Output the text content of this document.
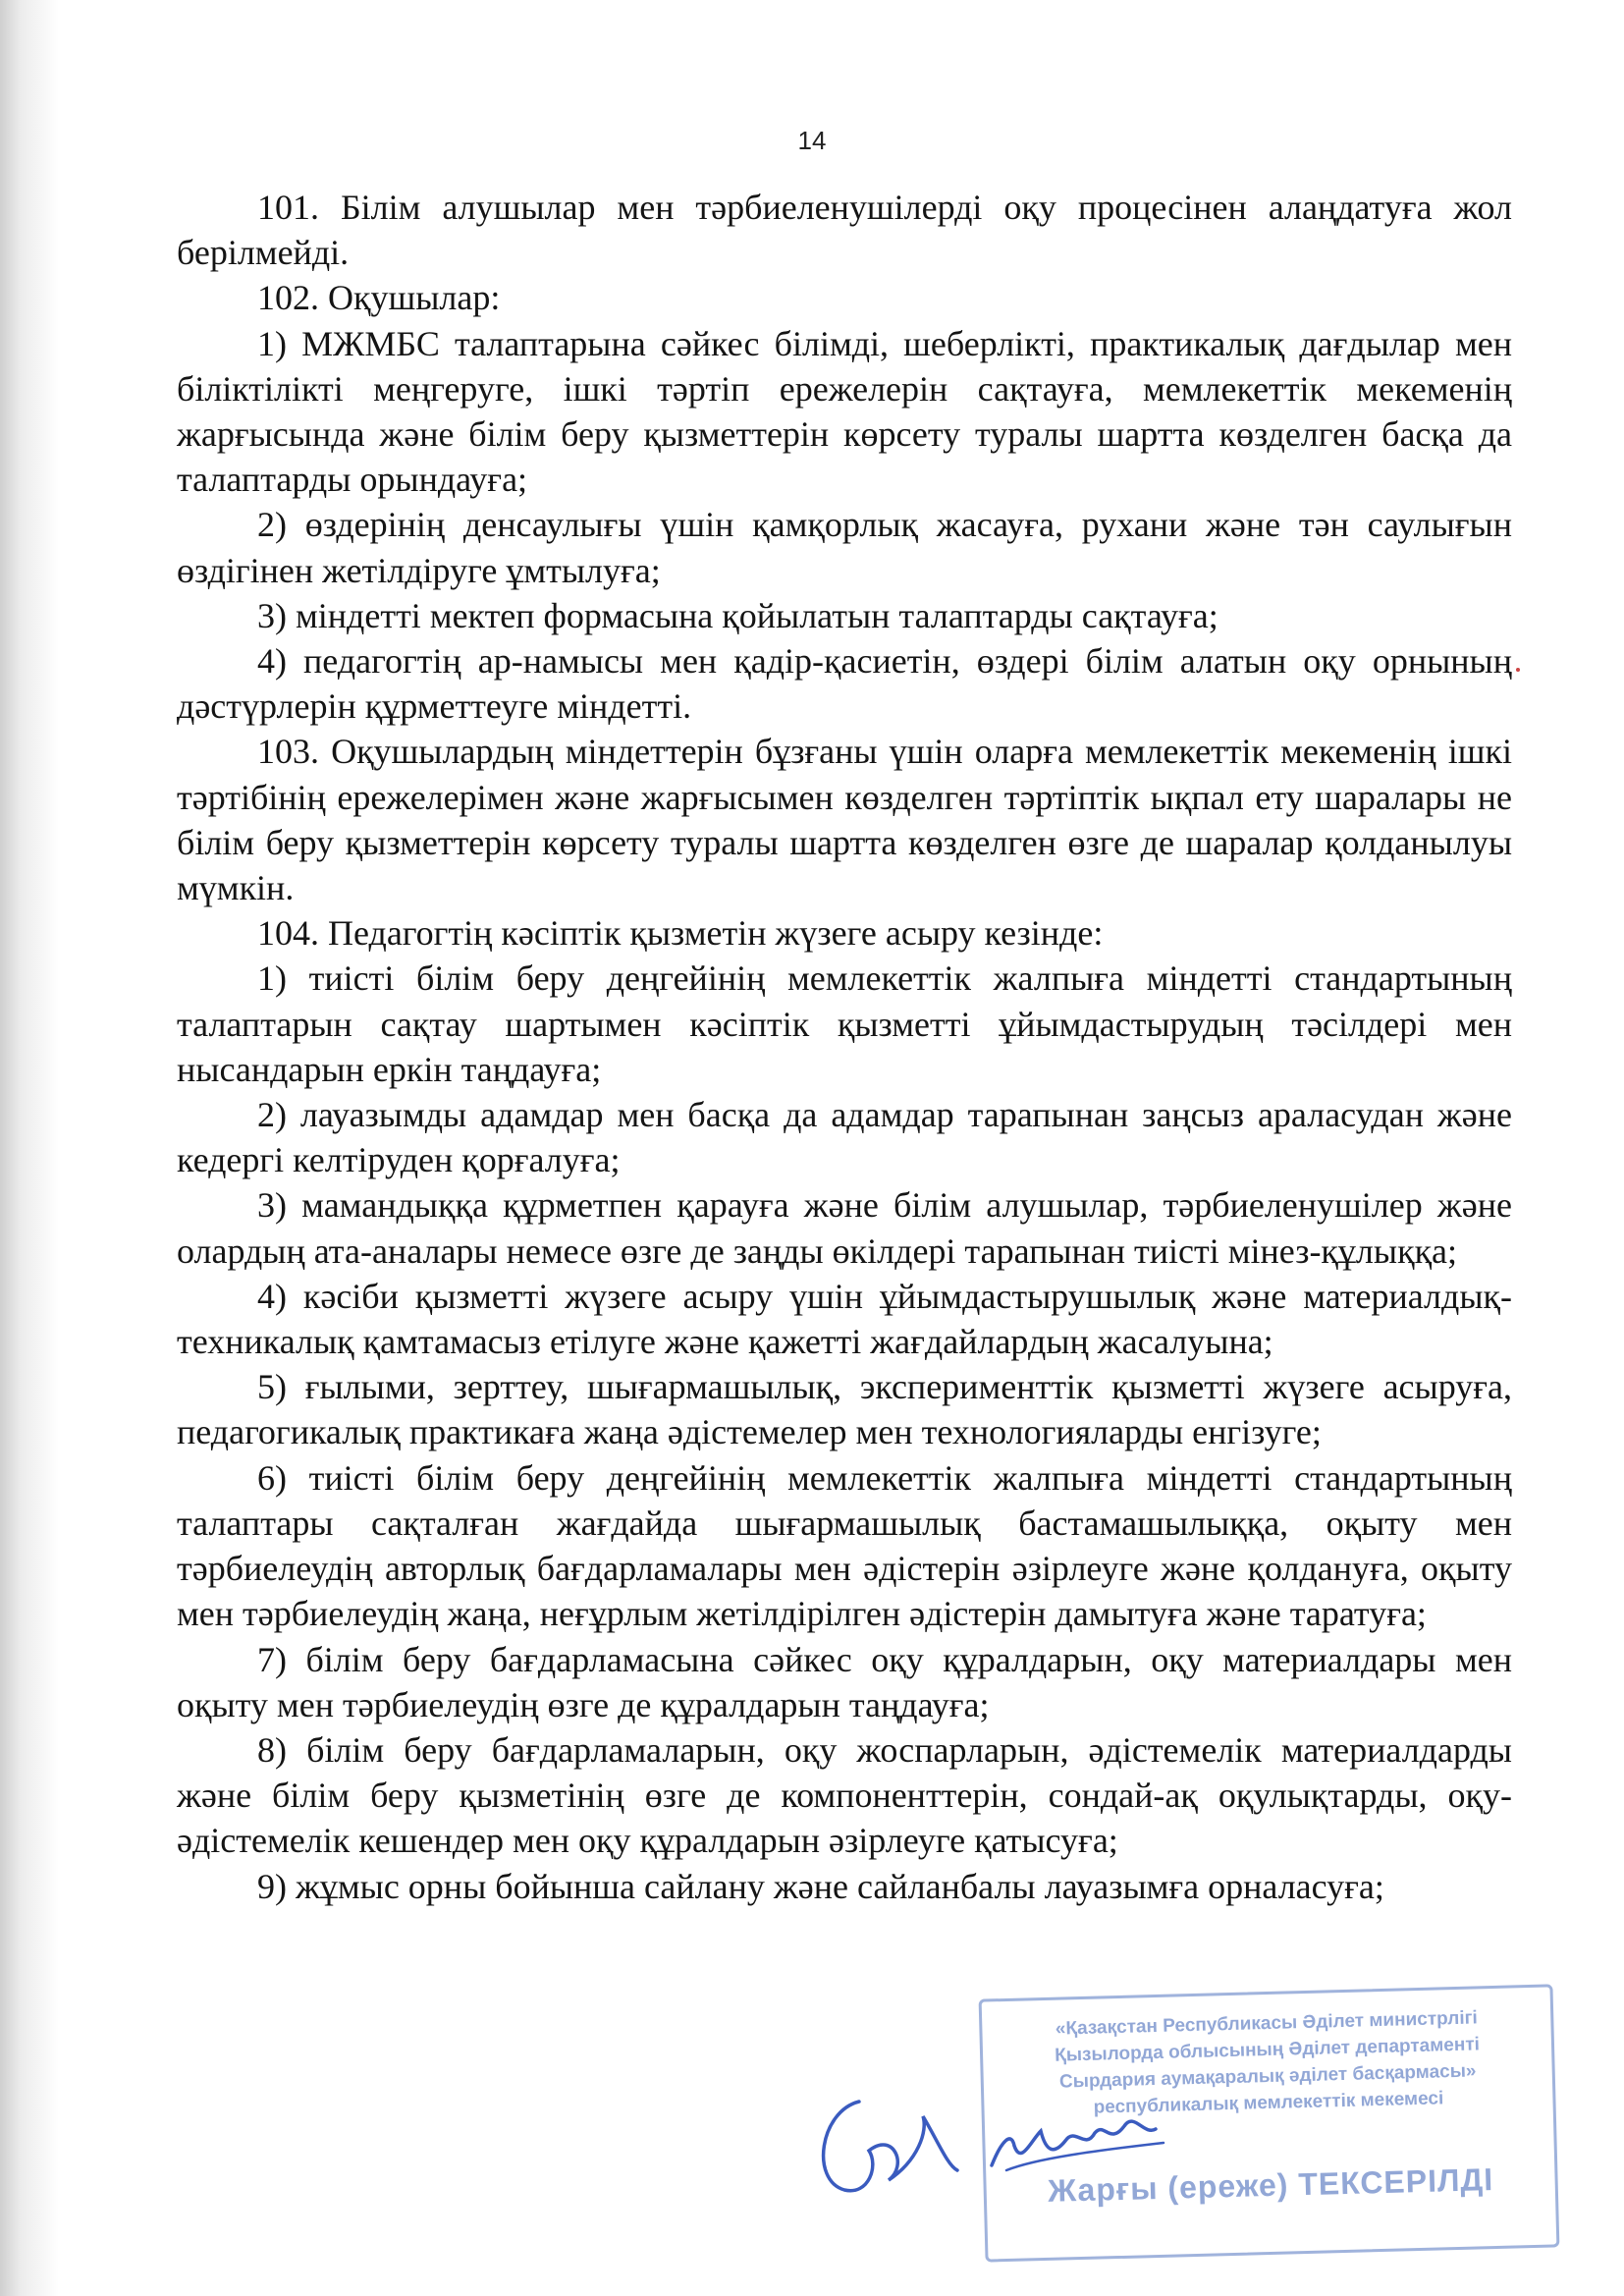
14

101. Білім алушылар мен тәрбиеленушілерді оқу процесінен алаңдатуға жол берілмейді.

102. Оқушылар:

1) МЖМБС талаптарына сәйкес білімді, шеберлікті, практикалық дағдылар мен біліктілікті меңгеруге, ішкі тәртіп ережелерін сақтауға, мемлекеттік мекеменің жарғысында және білім беру қызметтерін көрсету туралы шартта көзделген басқа да талаптарды орындауға;

2) өздерінің денсаулығы үшін қамқорлық жасауға, рухани және тән саулығын өздігінен жетілдіруге ұмтылуға;

3) міндетті мектеп формасына қойылатын талаптарды сақтауға;

4) педагогтің ар-намысы мен қадір-қасиетін, өздері білім алатын оқу орнының дәстүрлерін құрметтеуге міндетті.

103. Оқушылардың міндеттерін бұзғаны үшін оларға мемлекеттік мекеменің ішкі тәртібінің ережелерімен және жарғысымен көзделген тәртіптік ықпал ету шаралары не білім беру қызметтерін көрсету туралы шартта көзделген өзге де шаралар қолданылуы мүмкін.

104. Педагогтің кәсіптік қызметін жүзеге асыру кезінде:

1) тиісті білім беру деңгейінің мемлекеттік жалпыға міндетті стандартының талаптарын сақтау шартымен кәсіптік қызметті ұйымдастырудың тәсілдері мен нысандарын еркін таңдауға;

2) лауазымды адамдар мен басқа да адамдар тарапынан заңсыз араласудан және кедергі келтіруден қорғалуға;

3) мамандыққа құрметпен қарауға және білім алушылар, тәрбиеленушілер және олардың ата-аналары немесе өзге де заңды өкілдері тарапынан тиісті мінез-құлыққа;

4) кәсіби қызметті жүзеге асыру үшін ұйымдастырушылық және материалдық-техникалық қамтамасыз етілуге және қажетті жағдайлардың жасалуына;

5) ғылыми, зерттеу, шығармашылық, эксперименттік қызметті жүзеге асыруға, педагогикалық практикаға жаңа әдістемелер мен технологияларды енгізуге;

6) тиісті білім беру деңгейінің мемлекеттік жалпыға міндетті стандартының талаптары сақталған жағдайда шығармашылық бастамашылыққа, оқыту мен тәрбиелеудің авторлық бағдарламалары мен әдістерін әзірлеуге және қолдануға, оқыту мен тәрбиелеудің жаңа, неғұрлым жетілдірілген әдістерін дамытуға және таратуға;

7) білім беру бағдарламасына сәйкес оқу құралдарын, оқу материалдары мен оқыту мен тәрбиелеудің өзге де құралдарын таңдауға;

8) білім беру бағдарламаларын, оқу жоспарларын, әдістемелік материалдарды және білім беру қызметінің өзге де компоненттерін, сондай-ақ оқулықтарды, оқу-әдістемелік кешендер мен оқу құралдарын әзірлеуге қатысуға;

9) жұмыс орны бойынша сайлану және сайланбалы лауазымға орналасуға;

«Қазақстан Республикасы Әділет министрлігі
Қызылорда облысының Әділет департаменті
Сырдария аумақаралық әділет басқармасы»
республикалық мемлекеттік мекемесі
Жарғы (ереже) ТЕКСЕРІЛДІ
